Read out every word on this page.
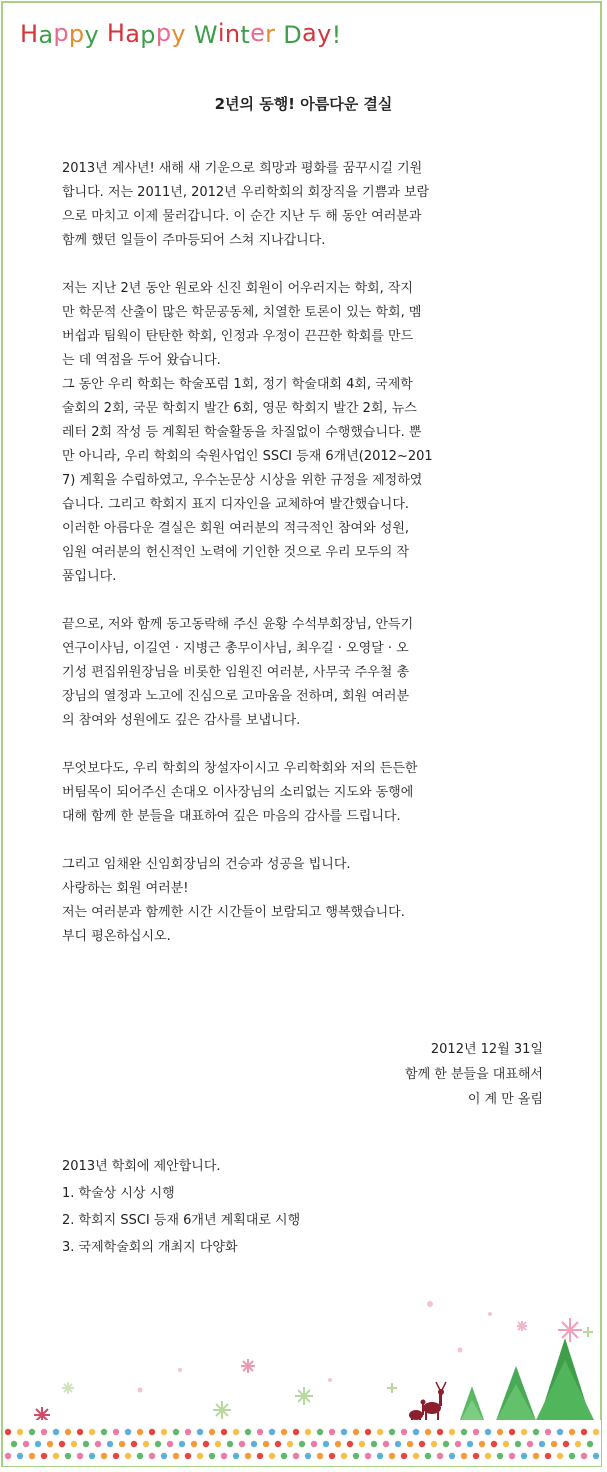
Happy Happy Winter Day!
2년의 동행! 아름다운 결실

2013년 계사년! 새해 새 기운으로 희망과 평화를 꿈꾸시길 기원
합니다. 저는 2011년, 2012년 우리학회의 회장직을 기쁨과 보람
으로 마치고 이제 물러갑니다. 이 순간 지난 두 해 동안 여러분과
함께 했던 일들이 주마등되어 스쳐 지나갑니다.

저는 지난 2년 동안 원로와 신진 회원이 어우러지는 학회, 작지
만 학문적 산출이 많은 학문공동체, 치열한 토론이 있는 학회, 멤
버쉽과 팀웍이 탄탄한 학회, 인정과 우정이 끈끈한 학회를 만드
는 데 역점을 두어 왔습니다.
그 동안 우리 학회는 학술포럼 1회, 정기 학술대회 4회, 국제학
술회의 2회, 국문 학회지 발간 6회, 영문 학회지 발간 2회, 뉴스
레터 2회 작성 등 계획된 학술활동을 차질없이 수행했습니다. 뿐
만 아니라, 우리 학회의 숙원사업인 SSCI 등재 6개년(2012~201
7) 계획을 수립하였고, 우수논문상 시상을 위한 규정을 제정하였
습니다. 그리고 학회지 표지 디자인을 교체하여 발간했습니다.
이러한 아름다운 결실은 회원 여러분의 적극적인 참여와 성원,
임원 여러분의 헌신적인 노력에 기인한 것으로 우리 모두의 작
품입니다.

끝으로, 저와 함께 동고동락해 주신 윤황 수석부회장님, 안득기
연구이사님, 이길연 · 지병근 총무이사님, 최우길 · 오영달 · 오
기성 편집위원장님을 비롯한 임원진 여러분, 사무국 주우철 총
장님의 열정과 노고에 진심으로 고마움을 전하며, 회원 여러분
의 참여와 성원에도 깊은 감사를 보냅니다.

무엇보다도, 우리 학회의 창설자이시고 우리학회와 저의 든든한
버팀목이 되어주신 손대오 이사장님의 소리없는 지도와 동행에
대해 함께 한 분들을 대표하여 깊은 마음의 감사를 드립니다.

그리고 임채완 신임회장님의 건승과 성공을 빕니다.
사랑하는 회원 여러분!
저는 여러분과 함께한 시간 시간들이 보람되고 행복했습니다.
부디 평온하십시오.

2012년 12월 31일
함께 한 분들을 대표해서
이 계 만 올림
2013년 학회에 제안합니다.
1. 학술상 시상 시행
2. 학회지 SSCI 등재 6개년 계획대로 시행
3. 국제학술회의 개최지 다양화
